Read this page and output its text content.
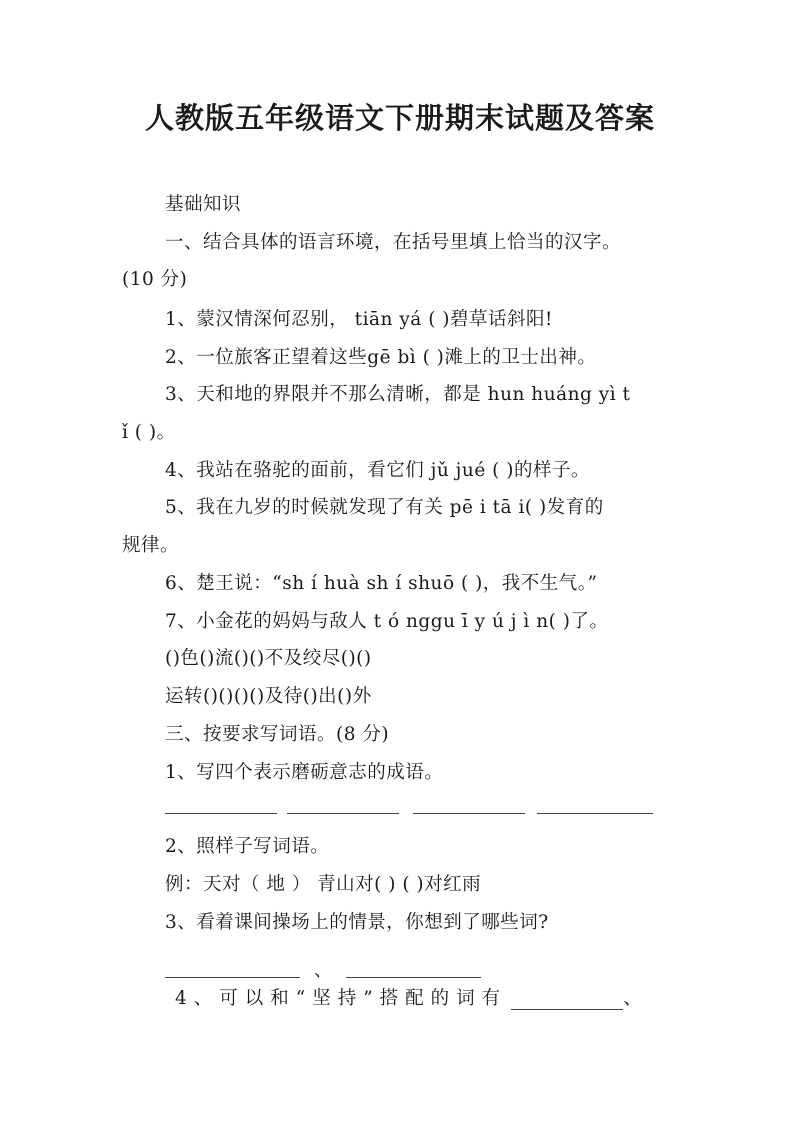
人教版五年级语文下册期末试题及答案
基础知识
一、结合具体的语言环境，在括号里填上恰当的汉字。
(10 分)
1、蒙汉情深何忍别， tiān yá ( )碧草话斜阳!
2、一位旅客正望着这些gē bì ( )滩上的卫士出神。
3、天和地的界限并不那么清晰，都是 hun huáng yì t
ǐ ( )。
4、我站在骆驼的面前，看它们 jǔ jué ( )的样子。
5、我在九岁的时候就发现了有关 pē i tā i( )发育的
规律。
6、楚王说：“sh í huà sh í shuō ( )，我不生气。”
7、小金花的妈妈与敌人 t ó nggu ī y ú j ì n( )了。
()色()流()()不及绞尽()()
运转()()()()及待()出()外
三、按要求写词语。(8 分)
1、写四个表示磨砺意志的成语。
2、照样子写词语。
例：天对（ 地 ） 青山对( ) ( )对红雨
3、看着课间操场上的情景，你想到了哪些词?
、
4、可以和“坚持”搭配的词有	、
